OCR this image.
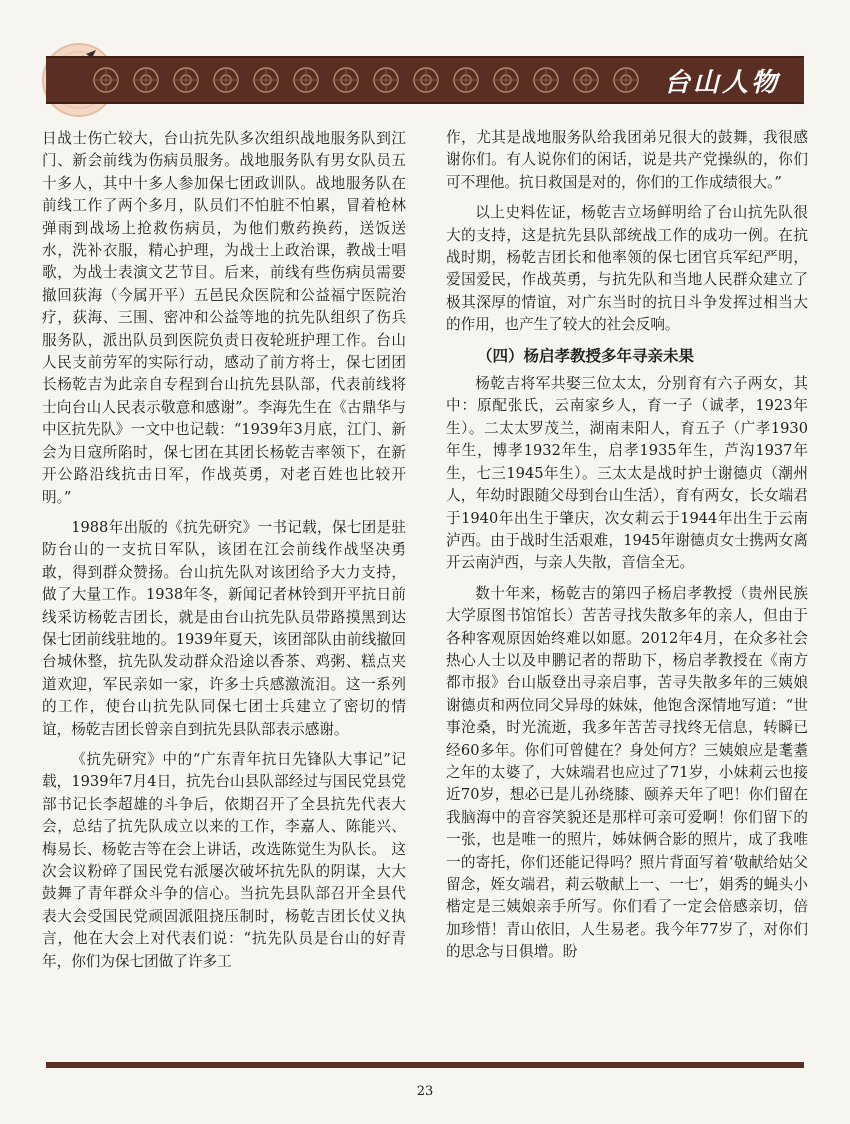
台山人物

日战士伤亡较大，台山抗先队多次组织战地服务队到江门、新会前线为伤病员服务。战地服务队有男女队员五十多人，其中十多人参加保七团政训队。战地服务队在前线工作了两个多月，队员们不怕脏不怕累，冒着枪林弹雨到战场上抢救伤病员，为他们敷药换药，送饭送水，洗补衣服，精心护理，为战士上政治课，教战士唱歌，为战士表演文艺节目。后来，前线有些伤病员需要撤回荻海（今属开平）五邑民众医院和公益福宁医院治疗，荻海、三围、密冲和公益等地的抗先队组织了伤兵服务队，派出队员到医院负责日夜轮班护理工作。台山人民支前劳军的实际行动，感动了前方将士，保七团团长杨乾吉为此亲自专程到台山抗先县队部，代表前线将士向台山人民表示敬意和感谢”。李海先生在《古鼎华与中区抗先队》一文中也记载：“1939年3月底，江门、新会为日寇所陷时，保七团在其团长杨乾吉率领下，在新开公路沿线抗击日军，作战英勇，对老百姓也比较开明。”

1988年出版的《抗先研究》一书记载，保七团是驻防台山的一支抗日军队，该团在江会前线作战坚决勇敢，得到群众赞扬。台山抗先队对该团给予大力支持，做了大量工作。1938年冬，新闻记者林铃到开平抗日前线采访杨乾吉团长，就是由台山抗先队员带路摸黑到达保七团前线驻地的。1939年夏天，该团部队由前线撤回台城休整，抗先队发动群众沿途以香茶、鸡粥、糕点夹道欢迎，军民亲如一家，许多士兵感激流泪。这一系列的工作，使台山抗先队同保七团士兵建立了密切的情谊，杨乾吉团长曾亲自到抗先县队部表示感谢。

《抗先研究》中的“广东青年抗日先锋队大事记”记载，1939年7月4日，抗先台山县队部经过与国民党县党部书记长李超雄的斗争后，依期召开了全县抗先代表大会，总结了抗先队成立以来的工作，李嘉人、陈能兴、梅易长、杨乾吉等在会上讲话，改选陈觉生为队长。 这次会议粉碎了国民党右派屡次破坏抗先队的阴谋，大大鼓舞了青年群众斗争的信心。当抗先县队部召开全县代表大会受国民党顽固派阻挠压制时，杨乾吉团长仗义执言，他在大会上对代表们说：“抗先队员是台山的好青年，你们为保七团做了许多工

作，尤其是战地服务队给我团弟兄很大的鼓舞，我很感谢你们。有人说你们的闲话，说是共产党操纵的，你们可不理他。抗日救国是对的，你们的工作成绩很大。”

以上史料佐证，杨乾吉立场鲜明给了台山抗先队很大的支持，这是抗先县队部统战工作的成功一例。在抗战时期，杨乾吉团长和他率领的保七团官兵军纪严明，爱国爱民，作战英勇，与抗先队和当地人民群众建立了极其深厚的情谊，对广东当时的抗日斗争发挥过相当大的作用，也产生了较大的社会反响。

（四）杨启孝教授多年寻亲未果

杨乾吉将军共娶三位太太，分别育有六子两女，其中：原配张氏，云南家乡人，育一子（诚孝，1923年生）。二太太罗茂兰，湖南耒阳人，育五子（广孝1930年生，博孝1932年生，启孝1935年生，芦沟1937年生，七三1945年生）。三太太是战时护士谢德贞（潮州人，年幼时跟随父母到台山生活），育有两女，长女端君于1940年出生于肇庆，次女莉云于1944年出生于云南泸西。由于战时生活艰难，1945年谢德贞女士携两女离开云南泸西，与亲人失散，音信全无。

数十年来，杨乾吉的第四子杨启孝教授（贵州民族大学原图书馆馆长）苦苦寻找失散多年的亲人，但由于各种客观原因始终难以如愿。2012年4月，在众多社会热心人士以及申鹏记者的帮助下，杨启孝教授在《南方都市报》台山版登出寻亲启事，苦寻失散多年的三姨娘谢德贞和两位同父异母的妹妹，他饱含深情地写道：“世事沧桑，时光流逝，我多年苦苦寻找终无信息，转瞬已经60多年。你们可曾健在？身处何方？三姨娘应是耄耋之年的太婆了，大妹端君也应过了71岁，小妹莉云也接近70岁，想必已是儿孙绕膝、颐养天年了吧！你们留在我脑海中的音容笑貌还是那样可亲可爱啊！你们留下的一张，也是唯一的照片，姊妹俩合影的照片，成了我唯一的寄托，你们还能记得吗？照片背面写着‘敬献给姑父留念，姪女端君，莉云敬献上一、一七’，娟秀的蝇头小楷定是三姨娘亲手所写。你们看了一定会倍感亲切，倍加珍惜！青山依旧，人生易老。我今年77岁了，对你们的思念与日俱增。盼

23
